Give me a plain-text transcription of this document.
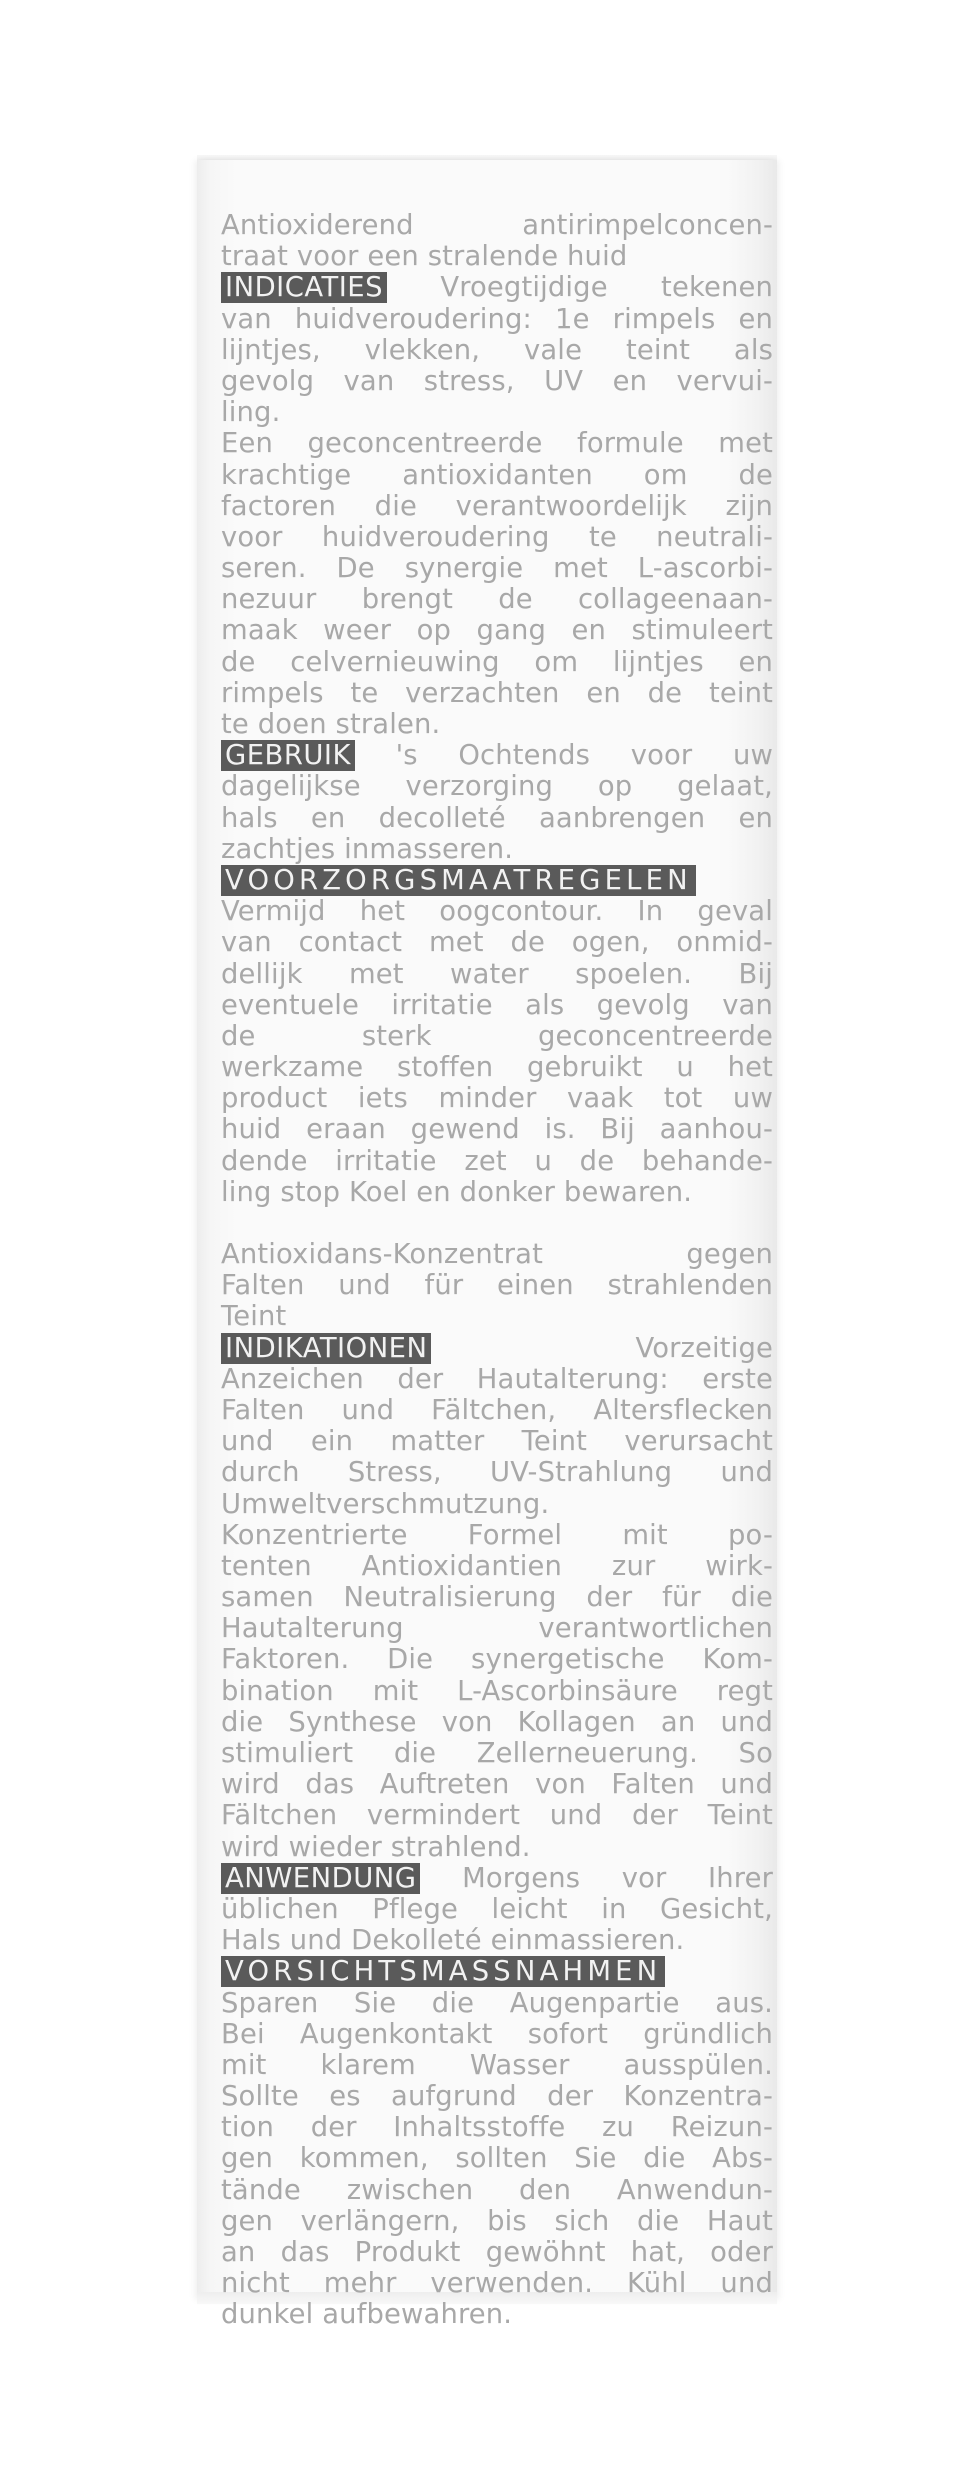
Antioxiderend antirimpelconcen-
traat voor een stralende huid
INDICATIES Vroegtijdige tekenen
van huidveroudering: 1e rimpels en
lijntjes, vlekken, vale teint als
gevolg van stress, UV en vervui-
ling.
Een geconcentreerde formule met
krachtige antioxidanten om de
factoren die verantwoordelijk zijn
voor huidveroudering te neutrali-
seren. De synergie met L-ascorbi-
nezuur brengt de collageenaan-
maak weer op gang en stimuleert
de celvernieuwing om lijntjes en
rimpels te verzachten en de teint
te doen stralen.
GEBRUIK 's Ochtends voor uw
dagelijkse verzorging op gelaat,
hals en decolleté aanbrengen en
zachtjes inmasseren.
VOORZORGSMAATREGELEN
Vermijd het oogcontour. In geval
van contact met de ogen, onmid-
dellijk met water spoelen. Bij
eventuele irritatie als gevolg van
de sterk geconcentreerde
werkzame stoffen gebruikt u het
product iets minder vaak tot uw
huid eraan gewend is. Bij aanhou-
dende irritatie zet u de behande-
ling stop Koel en donker bewaren.
Antioxidans-Konzentrat gegen
Falten und für einen strahlenden
Teint
INDIKATIONEN	Vorzeitige
Anzeichen der Hautalterung: erste
Falten und Fältchen, Altersflecken
und ein matter Teint verursacht
durch Stress, UV-Strahlung und
Umweltverschmutzung.
Konzentrierte Formel mit po-
tenten Antioxidantien zur wirk-
samen Neutralisierung der für die
Hautalterung verantwortlichen
Faktoren. Die synergetische Kom-
bination mit L-Ascorbinsäure regt
die Synthese von Kollagen an und
stimuliert die Zellerneuerung. So
wird das Auftreten von Falten und
Fältchen vermindert und der Teint
wird wieder strahlend.
ANWENDUNG Morgens vor Ihrer
üblichen Pflege leicht in Gesicht,
Hals und Dekolleté einmassieren.
VORSICHTSMASSNAHMEN
Sparen Sie die Augenpartie aus.
Bei Augenkontakt sofort gründlich
mit klarem Wasser ausspülen.
Sollte es aufgrund der Konzentra-
tion der Inhaltsstoffe zu Reizun-
gen kommen, sollten Sie die Abs-
tände zwischen den Anwendun-
gen verlängern, bis sich die Haut
an das Produkt gewöhnt hat, oder
nicht mehr verwenden. Kühl und
dunkel aufbewahren.
